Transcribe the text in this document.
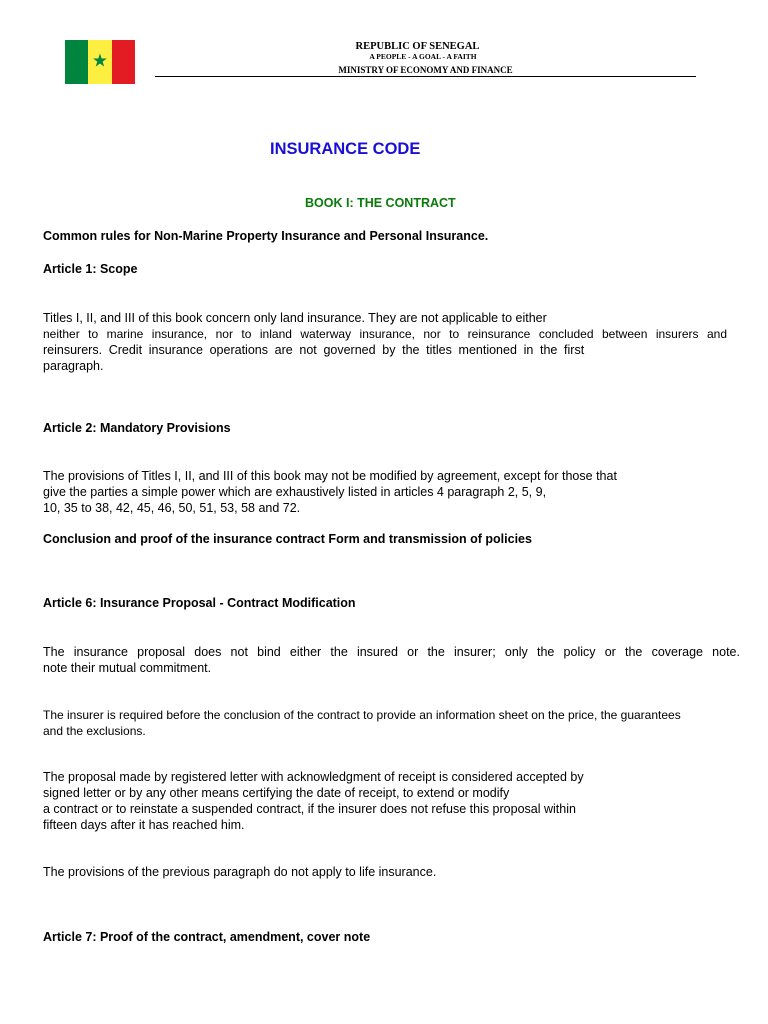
★
REPUBLIC OF SENEGAL
A PEOPLE - A GOAL - A FAITH
MINISTRY OF ECONOMY AND FINANCE
INSURANCE CODE
BOOK I: THE CONTRACT
Common rules for Non-Marine Property Insurance and Personal Insurance.
Article 1: Scope
Titles I, II, and III of this book concern only land insurance. They are not applicable to either
neither to marine insurance, nor to inland waterway insurance, nor to reinsurance concluded between insurers and
reinsurers. Credit insurance operations are not governed by the titles mentioned in the first
paragraph.
Article 2: Mandatory Provisions
The provisions of Titles I, II, and III of this book may not be modified by agreement, except for those that
give the parties a simple power which are exhaustively listed in articles 4 paragraph 2, 5, 9,
10, 35 to 38, 42, 45, 46, 50, 51, 53, 58 and 72.
Conclusion and proof of the insurance contract Form and transmission of policies
Article 6: Insurance Proposal - Contract Modification
The insurance proposal does not bind either the insured or the insurer; only the policy or the coverage note.
note their mutual commitment.
The insurer is required before the conclusion of the contract to provide an information sheet on the price, the guarantees
and the exclusions.
The proposal made by registered letter with acknowledgment of receipt is considered accepted by
signed letter or by any other means certifying the date of receipt, to extend or modify
a contract or to reinstate a suspended contract, if the insurer does not refuse this proposal within
fifteen days after it has reached him.
The provisions of the previous paragraph do not apply to life insurance.
Article 7: Proof of the contract, amendment, cover note
